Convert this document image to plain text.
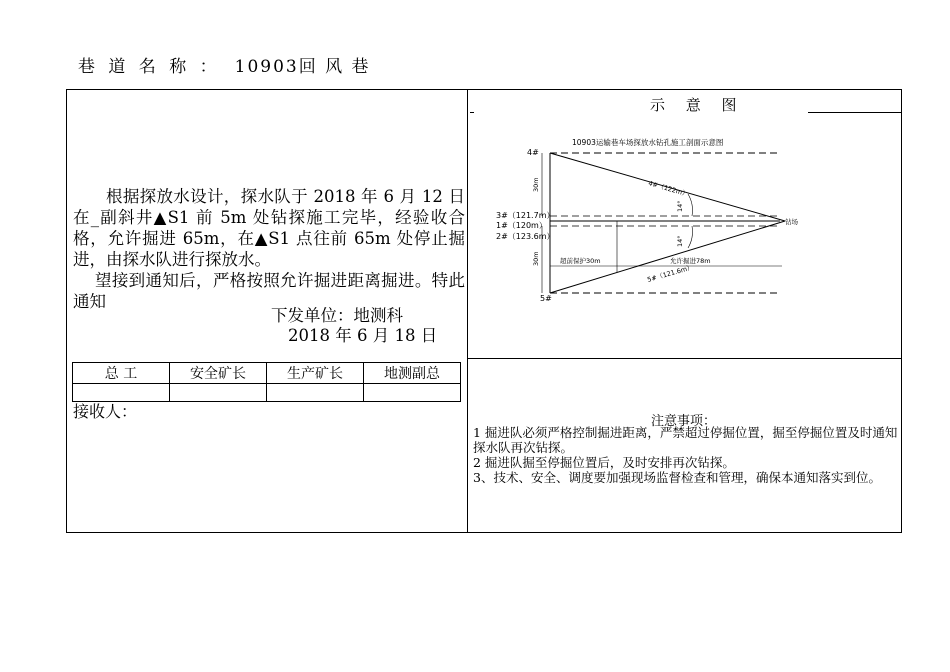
巷 道 名 称 ： 10903回 风 巷

根据探放水设计，探水队于 2018 年 6 月 12 日在_副斜井▲S1 前 5m 处钻探施工完毕，经验收合格，允许掘进 65m，在▲S1 点往前 65m 处停止掘进，由探水队进行探放水。

望接到通知后，严格按照允许掘进距离掘进。特此通知

下发单位：地测科
2018 年 6 月 18 日
总 工	安全矿长	生产矿长	地测副总

接收人：
示 意 图
10903运输巷车场探放水钻孔施工剖面示意图
30m
30m
4#
3#（121.7m）
1#（120m）
2#（123.6m）
5#
4#（122m）
5#（121.6m）
14°
14°
超前保护30m	允许掘进78m
钻场
注意事项：
1 掘进队必须严格控制掘进距离，严禁超过停掘位置，掘至停掘位置及时通知探水队再次钻探。
2 掘进队掘至停掘位置后，及时安排再次钻探。
3、技术、安全、调度要加强现场监督检查和管理，确保本通知落实到位。
